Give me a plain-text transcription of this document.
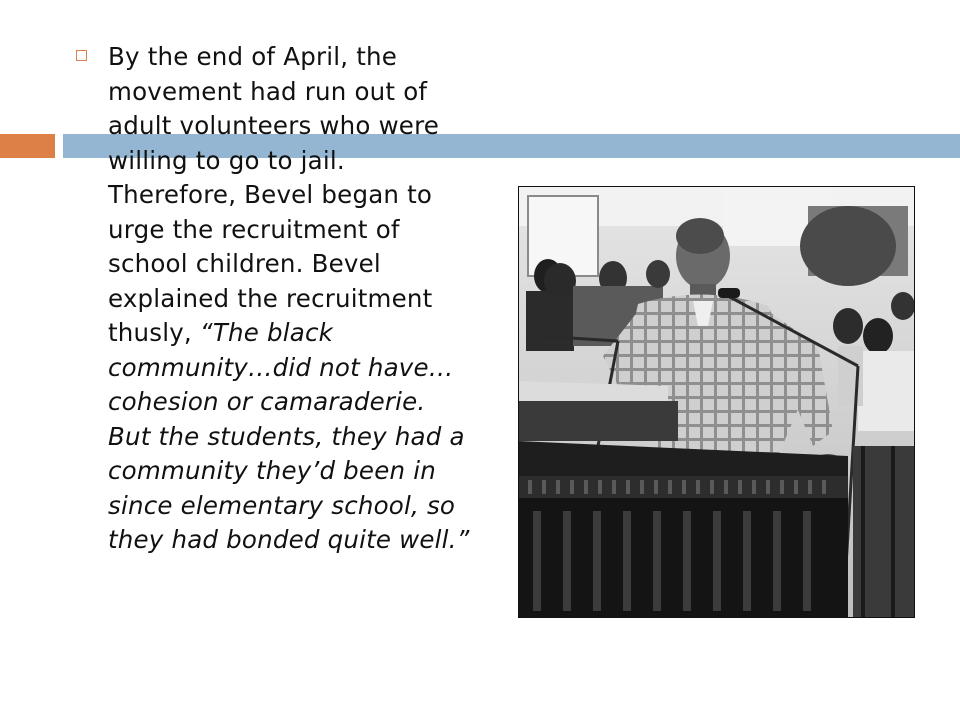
By the end of April, the movement had run out of adult volunteers who were willing to go to jail. Therefore, Bevel began to urge the recruitment of school children. Bevel explained the recruitment thusly, “The black community…did not have…cohesion or camaraderie. But the students, they had a community they’d been in since elementary school, so they had bonded quite well.”
